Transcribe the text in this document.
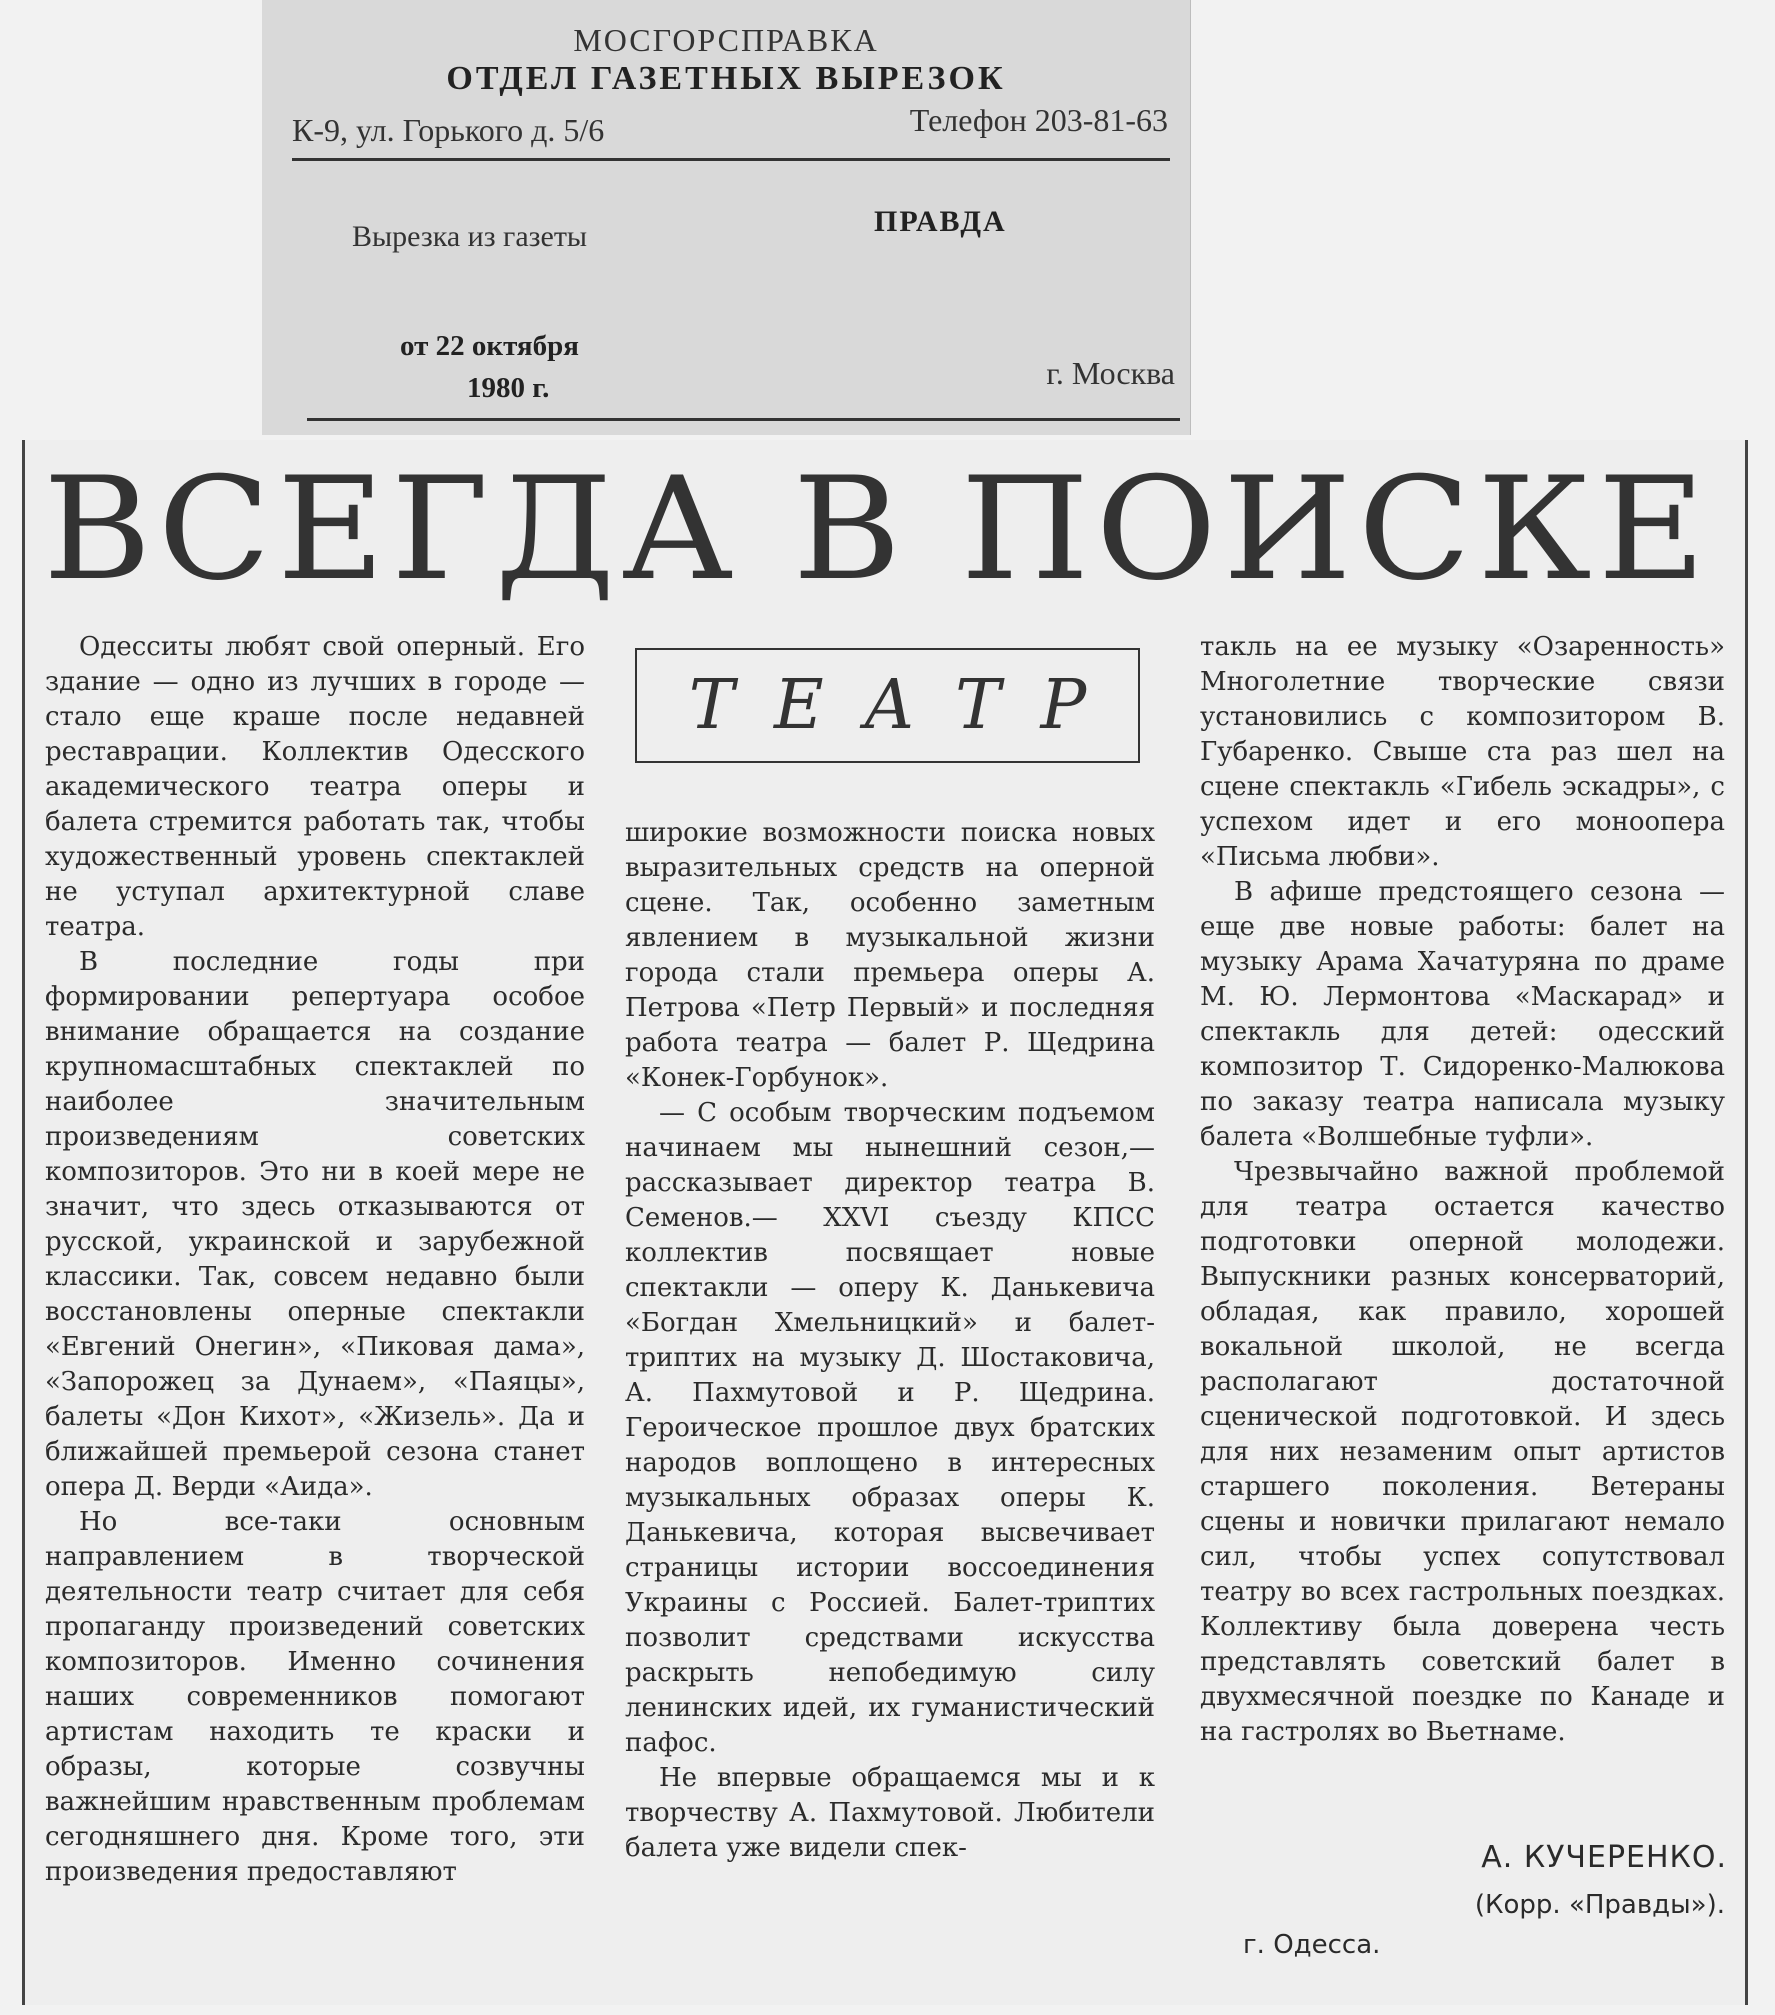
МОСГОРСПРАВКА
ОТДЕЛ ГАЗЕТНЫХ ВЫРЕЗОК
К-9, ул. Горького д. 5/6	Телефон 203-81-63
Вырезка из газеты	ПРАВДА
от 22 октября
1980 г.	г. Москва
ВСЕГДА В ПОИСКЕ

Одесситы любят свой оперный. Его здание — одно из лучших в городе — стало еще краше после недавней реставрации. Коллектив Одесского академического театра оперы и балета стремится работать так, чтобы художественный уровень спектаклей не уступал архитектурной славе театра.

В последние годы при формировании репертуара особое внимание обращается на создание крупномасштабных спектаклей по наиболее значительным произведениям советских композиторов. Это ни в коей мере не значит, что здесь отказываются от русской, украинской и зарубежной классики. Так, совсем недавно были восстановлены оперные спектакли «Евгений Онегин», «Пиковая дама», «Запорожец за Дунаем», «Паяцы», балеты «Дон Кихот», «Жизель». Да и ближайшей премьерой сезона станет опера Д. Верди «Аида».

Но все-таки основным направлением в творческой деятельности театр считает для себя пропаганду произведений советских композиторов. Именно сочинения наших современников помогают артистам находить те краски и образы, которые созвучны важнейшим нравственным проблемам сегодняшнего дня. Кроме того, эти произведения предоставляют

ТЕАТР

широкие возможности поиска новых выразительных средств на оперной сцене. Так, особенно заметным явлением в музыкальной жизни города стали премьера оперы А. Петрова «Петр Первый» и последняя работа театра — балет Р. Щедрина «Конек-Горбунок».

— С особым творческим подъемом начинаем мы нынешний сезон,— рассказывает директор театра В. Семенов.— XXVI съезду КПСС коллектив посвящает новые спектакли — оперу К. Данькевича «Богдан Хмельницкий» и балет-триптих на музыку Д. Шостаковича, А. Пахмутовой и Р. Щедрина. Героическое прошлое двух братских народов воплощено в интересных музыкальных образах оперы К. Данькевича, которая высвечивает страницы истории воссоединения Украины с Россией. Балет-триптих позволит средствами искусства раскрыть непобедимую силу ленинских идей, их гуманистический пафос.

Не впервые обращаемся мы и к творчеству А. Пахмутовой. Любители балета уже видели спек-

такль на ее музыку «Озаренность» Многолетние творческие связи установились с композитором В. Губаренко. Свыше ста раз шел на сцене спектакль «Гибель эскадры», с успехом идет и его монoопера «Письма любви».

В афише предстоящего сезона — еще две новые работы: балет на музыку Арама Хачатуряна по драме М. Ю. Лермонтова «Маскарад» и спектакль для детей: одесский композитор Т. Сидоренко-Малюкова по заказу театра написала музыку балета «Волшебные туфли».

Чрезвычайно важной проблемой для театра остается качество подготовки оперной молодежи. Выпускники разных консерваторий, обладая, как правило, хорошей вокальной школой, не всегда располагают достаточной сценической подготовкой. И здесь для них незаменим опыт артистов старшего поколения. Ветераны сцены и новички прилагают немало сил, чтобы успех сопутствовал театру во всех гастрольных поездках. Коллективу была доверена честь представлять советский балет в двухмесячной поездке по Канаде и на гастролях во Вьетнаме.

А. КУЧЕРЕНКО.
(Корр. «Правды»).
г. Одесса.
